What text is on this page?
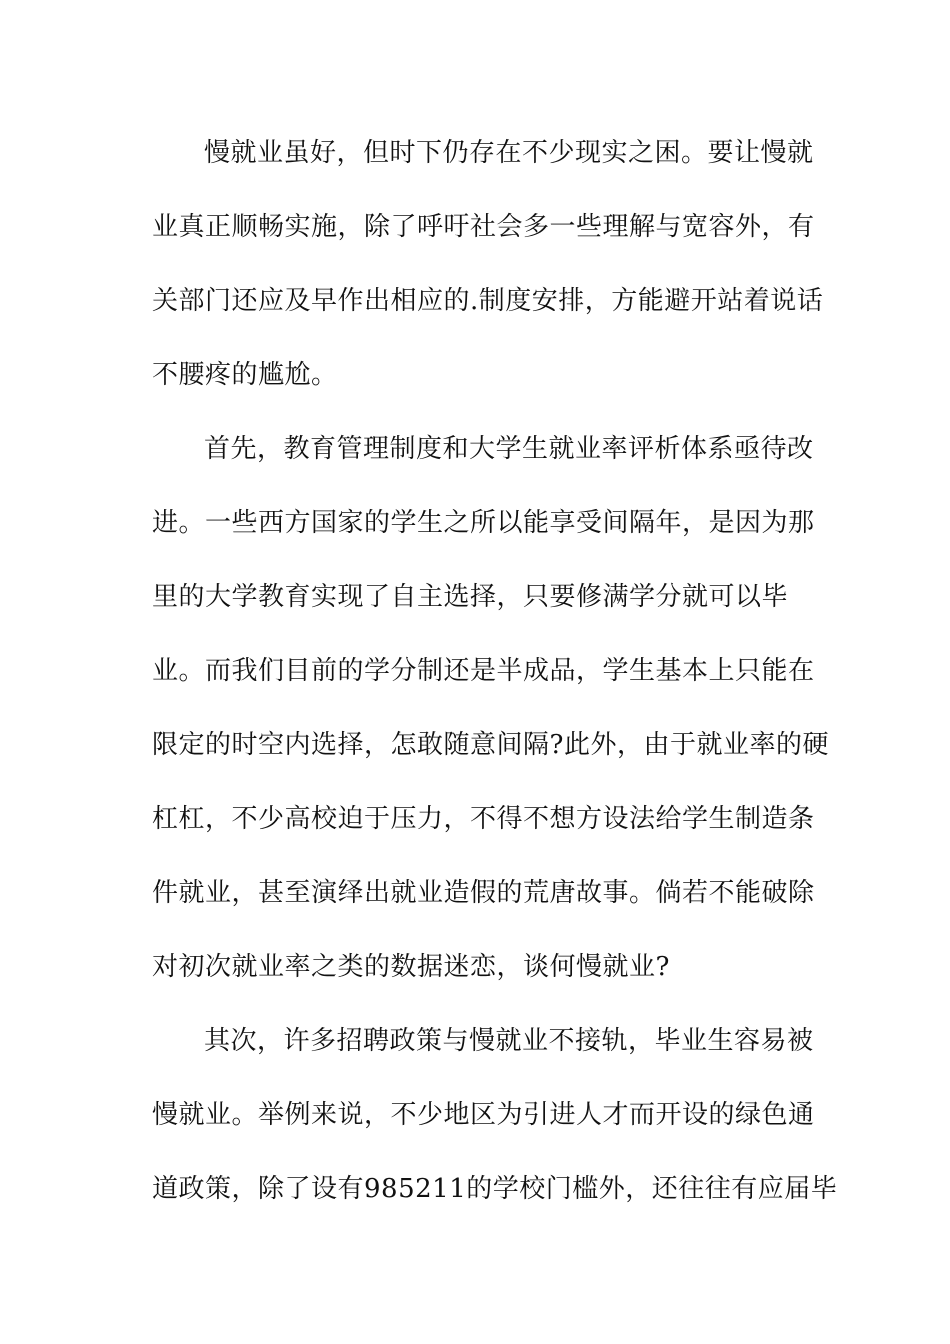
慢就业虽好，但时下仍存在不少现实之困。要让慢就
业真正顺畅实施，除了呼吁社会多一些理解与宽容外，有
关部门还应及早作出相应的.制度安排，方能避开站着说话
不腰疼的尴尬。
首先，教育管理制度和大学生就业率评析体系亟待改
进。一些西方国家的学生之所以能享受间隔年，是因为那
里的大学教育实现了自主选择，只要修满学分就可以毕
业。而我们目前的学分制还是半成品，学生基本上只能在
限定的时空内选择，怎敢随意间隔?此外，由于就业率的硬
杠杠，不少高校迫于压力，不得不想方设法给学生制造条
件就业，甚至演绎出就业造假的荒唐故事。倘若不能破除
对初次就业率之类的数据迷恋，谈何慢就业?
其次，许多招聘政策与慢就业不接轨，毕业生容易被
慢就业。举例来说，不少地区为引进人才而开设的绿色通
道政策，除了设有985211的学校门槛外，还往往有应届毕
